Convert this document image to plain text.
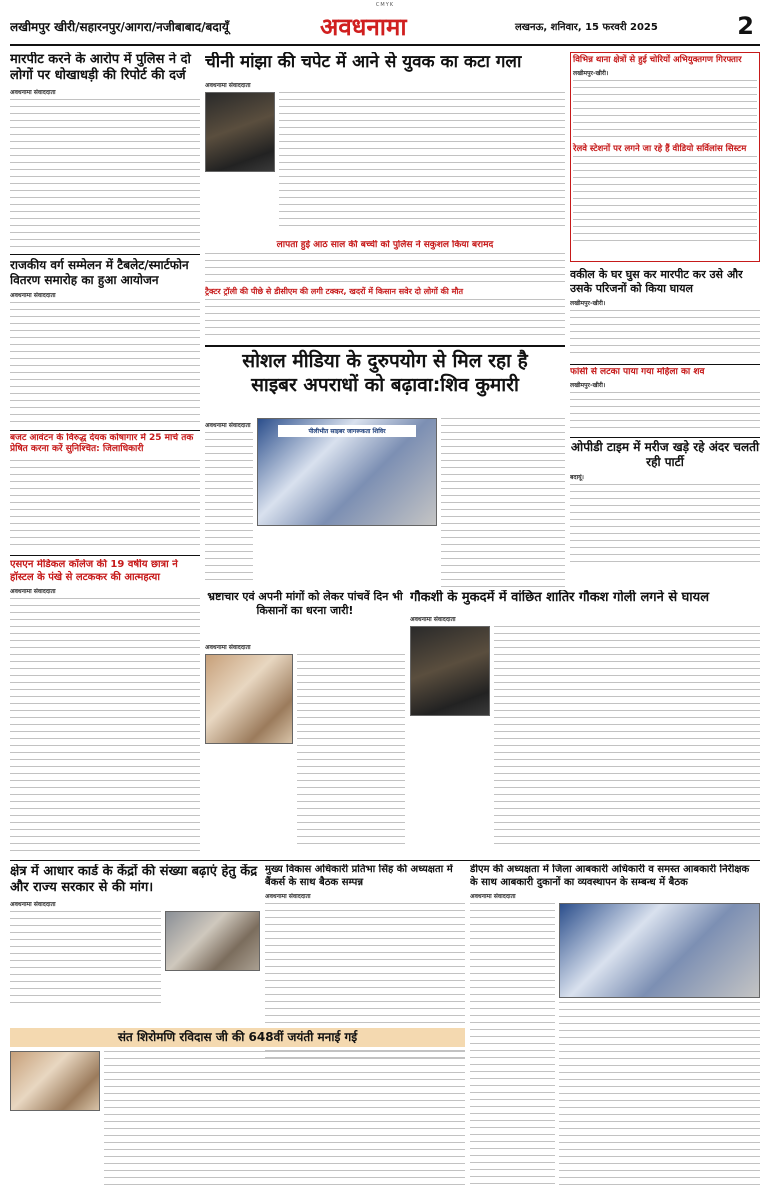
CMYK
लखीमपुर खीरी/सहारनपुर/आगरा/नजीबाबाद/बदायूँ	अवधनामा	लखनऊ, शनिवार, 15 फरवरी 2025	2
मारपीट करने के आरोप में पुलिस ने दो लोगों पर धोखाधड़ी की रिपोर्ट की दर्ज
अवधनामा संवाददाता
राजकीय वर्ग सम्मेलन में टैबलेट/स्मार्टफोन वितरण समारोह का हुआ आयोजन
अवधनामा संवाददाता
बजट आवंटन के विरुद्ध देयक कोषागार में 25 मार्च तक प्रेषित करना करें सुनिश्चित: जिलाधिकारी
एसएन मेडिकल कॉलेज की 19 वर्षीय छात्रा ने हॉस्टल के पंखे से लटककर की आत्महत्या
अवधनामा संवाददाता
चीनी मांझा की चपेट में आने से युवक का कटा गला
अवधनामा संवाददाता
लापता हुई आठ साल की बच्ची को पुलिस ने सकुशल किया बरामद
ट्रैक्टर ट्रॉली की पीछे से डीसीएम की लगी टक्कर, खदरों में किसान सवेर दो लोगों की मौत
विभिन्न थाना क्षेत्रों से हुई चोरियों अभियुक्तगण गिरफ्तार
लखीमपुर-खीरी।
रेलवे स्टेशनों पर लगने जा रहे हैं वीडियो सर्विलांस सिस्टम
वकील के घर घुस कर मारपीट कर उसे और उसके परिजनों को किया घायल
लखीमपुर-खीरी।
फांसी से लटका पाया गया महिला का शव
लखीमपुर-खीरी।
ओपीडी टाइम में मरीज खड़े रहे अंदर चलती रही पार्टी
बदायूं।
सोशल मीडिया के दुरुपयोग से मिल रहा है
साइबर अपराधों को बढ़ावा:शिव कुमारी
अवधनामा संवाददाता
पीलीभीत साइबर जागरूकता शिविर
भ्रष्टाचार एवं अपनी मांगों को लेकर पांचवें दिन भी किसानों का धरना जारी!
अवधनामा संवाददाता
गौकशी के मुकदमें में वांछित शातिर गौकश गोली लगने से घायल
अवधनामा संवाददाता
क्षेत्र में आधार कार्ड के केंद्रों की संख्या बढ़ाएं हेतु केंद्र और राज्य सरकार से की मांग।
अवधनामा संवाददाता
मुख्य विकास अधिकारी प्रतिभा सिंह की अध्यक्षता में बैंकर्स के साथ बैठक सम्पन्न
अवधनामा संवाददाता
डीएम की अध्यक्षता में जिला आबकारी अधिकारी व समस्त आबकारी निरीक्षक के साथ आबकारी दुकानों का व्यवस्थापन के सम्बन्ध में बैठक
अवधनामा संवाददाता
संत शिरोमणि रविदास जी की 648वीं जयंती मनाई गई
